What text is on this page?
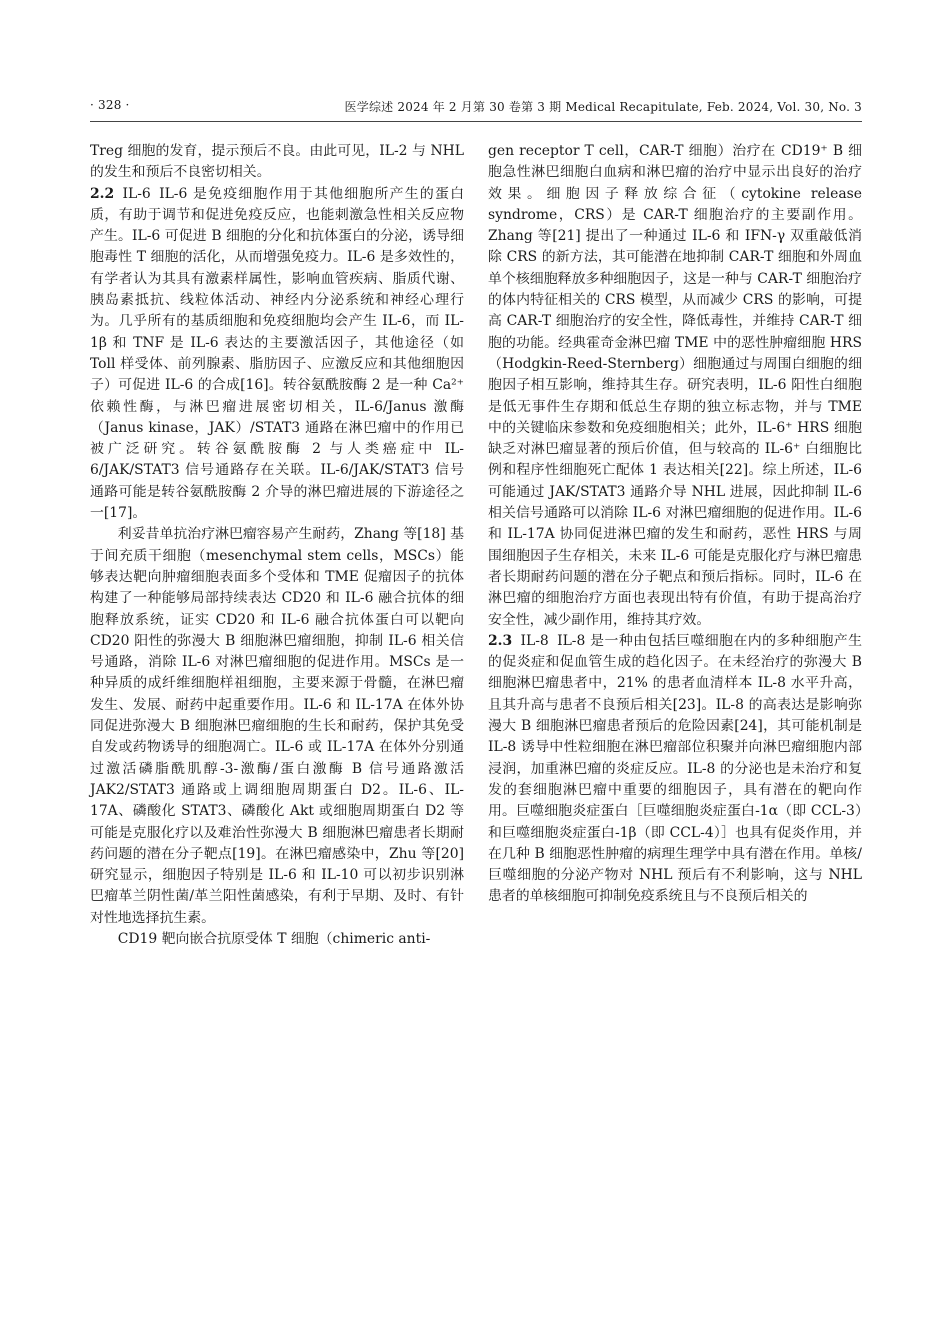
· 328 ·	医学综述 2024 年 2 月第 30 卷第 3 期 Medical Recapitulate, Feb. 2024, Vol. 30, No. 3

Treg 细胞的发育，提示预后不良。由此可见，IL-2 与 NHL 的发生和预后不良密切相关。

2.2 IL-6 IL-6 是免疫细胞作用于其他细胞所产生的蛋白质，有助于调节和促进免疫反应，也能刺激急性相关反应物产生。IL-6 可促进 B 细胞的分化和抗体蛋白的分泌，诱导细胞毒性 T 细胞的活化，从而增强免疫力。IL-6 是多效性的，有学者认为其具有激素样属性，影响血管疾病、脂质代谢、胰岛素抵抗、线粒体活动、神经内分泌系统和神经心理行为。几乎所有的基质细胞和免疫细胞均会产生 IL-6，而 IL-1β 和 TNF 是 IL-6 表达的主要激活因子，其他途径（如 Toll 样受体、前列腺素、脂肪因子、应激反应和其他细胞因子）可促进 IL-6 的合成[16]。转谷氨酰胺酶 2 是一种 Ca²⁺ 依赖性酶，与淋巴瘤进展密切相关，IL-6/Janus 激酶（Janus kinase，JAK）/STAT3 通路在淋巴瘤中的作用已被广泛研究。转谷氨酰胺酶 2 与人类癌症中 IL-6/JAK/STAT3 信号通路存在关联。IL-6/JAK/STAT3 信号通路可能是转谷氨酰胺酶 2 介导的淋巴瘤进展的下游途径之一[17]。

利妥昔单抗治疗淋巴瘤容易产生耐药，Zhang 等[18] 基于间充质干细胞（mesenchymal stem cells，MSCs）能够表达靶向肿瘤细胞表面多个受体和 TME 促瘤因子的抗体构建了一种能够局部持续表达 CD20 和 IL-6 融合抗体的细胞释放系统，证实 CD20 和 IL-6 融合抗体蛋白可以靶向 CD20 阳性的弥漫大 B 细胞淋巴瘤细胞，抑制 IL-6 相关信号通路，消除 IL-6 对淋巴瘤细胞的促进作用。MSCs 是一种异质的成纤维细胞样祖细胞，主要来源于骨髓，在淋巴瘤发生、发展、耐药中起重要作用。IL-6 和 IL-17A 在体外协同促进弥漫大 B 细胞淋巴瘤细胞的生长和耐药，保护其免受自发或药物诱导的细胞凋亡。IL-6 或 IL-17A 在体外分别通过激活磷脂酰肌醇-3-激酶/蛋白激酶 B 信号通路激活 JAK2/STAT3 通路或上调细胞周期蛋白 D2。IL-6、IL-17A、磷酸化 STAT3、磷酸化 Akt 或细胞周期蛋白 D2 等可能是克服化疗以及难治性弥漫大 B 细胞淋巴瘤患者长期耐药问题的潜在分子靶点[19]。在淋巴瘤感染中，Zhu 等[20] 研究显示，细胞因子特别是 IL-6 和 IL-10 可以初步识别淋巴瘤革兰阴性菌/革兰阳性菌感染，有利于早期、及时、有针对性地选择抗生素。

CD19 靶向嵌合抗原受体 T 细胞（chimeric anti-

gen receptor T cell，CAR-T 细胞）治疗在 CD19⁺ B 细胞急性淋巴细胞白血病和淋巴瘤的治疗中显示出良好的治疗效果。细胞因子释放综合征（cytokine release syndrome，CRS）是 CAR-T 细胞治疗的主要副作用。Zhang 等[21] 提出了一种通过 IL-6 和 IFN-γ 双重敲低消除 CRS 的新方法，其可能潜在地抑制 CAR-T 细胞和外周血单个核细胞释放多种细胞因子，这是一种与 CAR-T 细胞治疗的体内特征相关的 CRS 模型，从而减少 CRS 的影响，可提高 CAR-T 细胞治疗的安全性，降低毒性，并维持 CAR-T 细胞的功能。经典霍奇金淋巴瘤 TME 中的恶性肿瘤细胞 HRS（Hodgkin-Reed-Sternberg）细胞通过与周围白细胞的细胞因子相互影响，维持其生存。研究表明，IL-6 阳性白细胞是低无事件生存期和低总生存期的独立标志物，并与 TME 中的关键临床参数和免疫细胞相关；此外，IL-6⁺ HRS 细胞缺乏对淋巴瘤显著的预后价值，但与较高的 IL-6⁺ 白细胞比例和程序性细胞死亡配体 1 表达相关[22]。综上所述，IL-6 可能通过 JAK/STAT3 通路介导 NHL 进展，因此抑制 IL-6 相关信号通路可以消除 IL-6 对淋巴瘤细胞的促进作用。IL-6 和 IL-17A 协同促进淋巴瘤的发生和耐药，恶性 HRS 与周围细胞因子生存相关，未来 IL-6 可能是克服化疗与淋巴瘤患者长期耐药问题的潜在分子靶点和预后指标。同时，IL-6 在淋巴瘤的细胞治疗方面也表现出特有价值，有助于提高治疗安全性，减少副作用，维持其疗效。

2.3 IL-8 IL-8 是一种由包括巨噬细胞在内的多种细胞产生的促炎症和促血管生成的趋化因子。在未经治疗的弥漫大 B 细胞淋巴瘤患者中，21% 的患者血清样本 IL-8 水平升高，且其升高与患者不良预后相关[23]。IL-8 的高表达是影响弥漫大 B 细胞淋巴瘤患者预后的危险因素[24]，其可能机制是 IL-8 诱导中性粒细胞在淋巴瘤部位积聚并向淋巴瘤细胞内部浸润，加重淋巴瘤的炎症反应。IL-8 的分泌也是未治疗和复发的套细胞淋巴瘤中重要的细胞因子，具有潜在的靶向作用。巨噬细胞炎症蛋白［巨噬细胞炎症蛋白-1α（即 CCL-3）和巨噬细胞炎症蛋白-1β（即 CCL-4）］也具有促炎作用，并在几种 B 细胞恶性肿瘤的病理生理学中具有潜在作用。单核/巨噬细胞的分泌产物对 NHL 预后有不利影响，这与 NHL 患者的单核细胞可抑制免疫系统且与不良预后相关的
